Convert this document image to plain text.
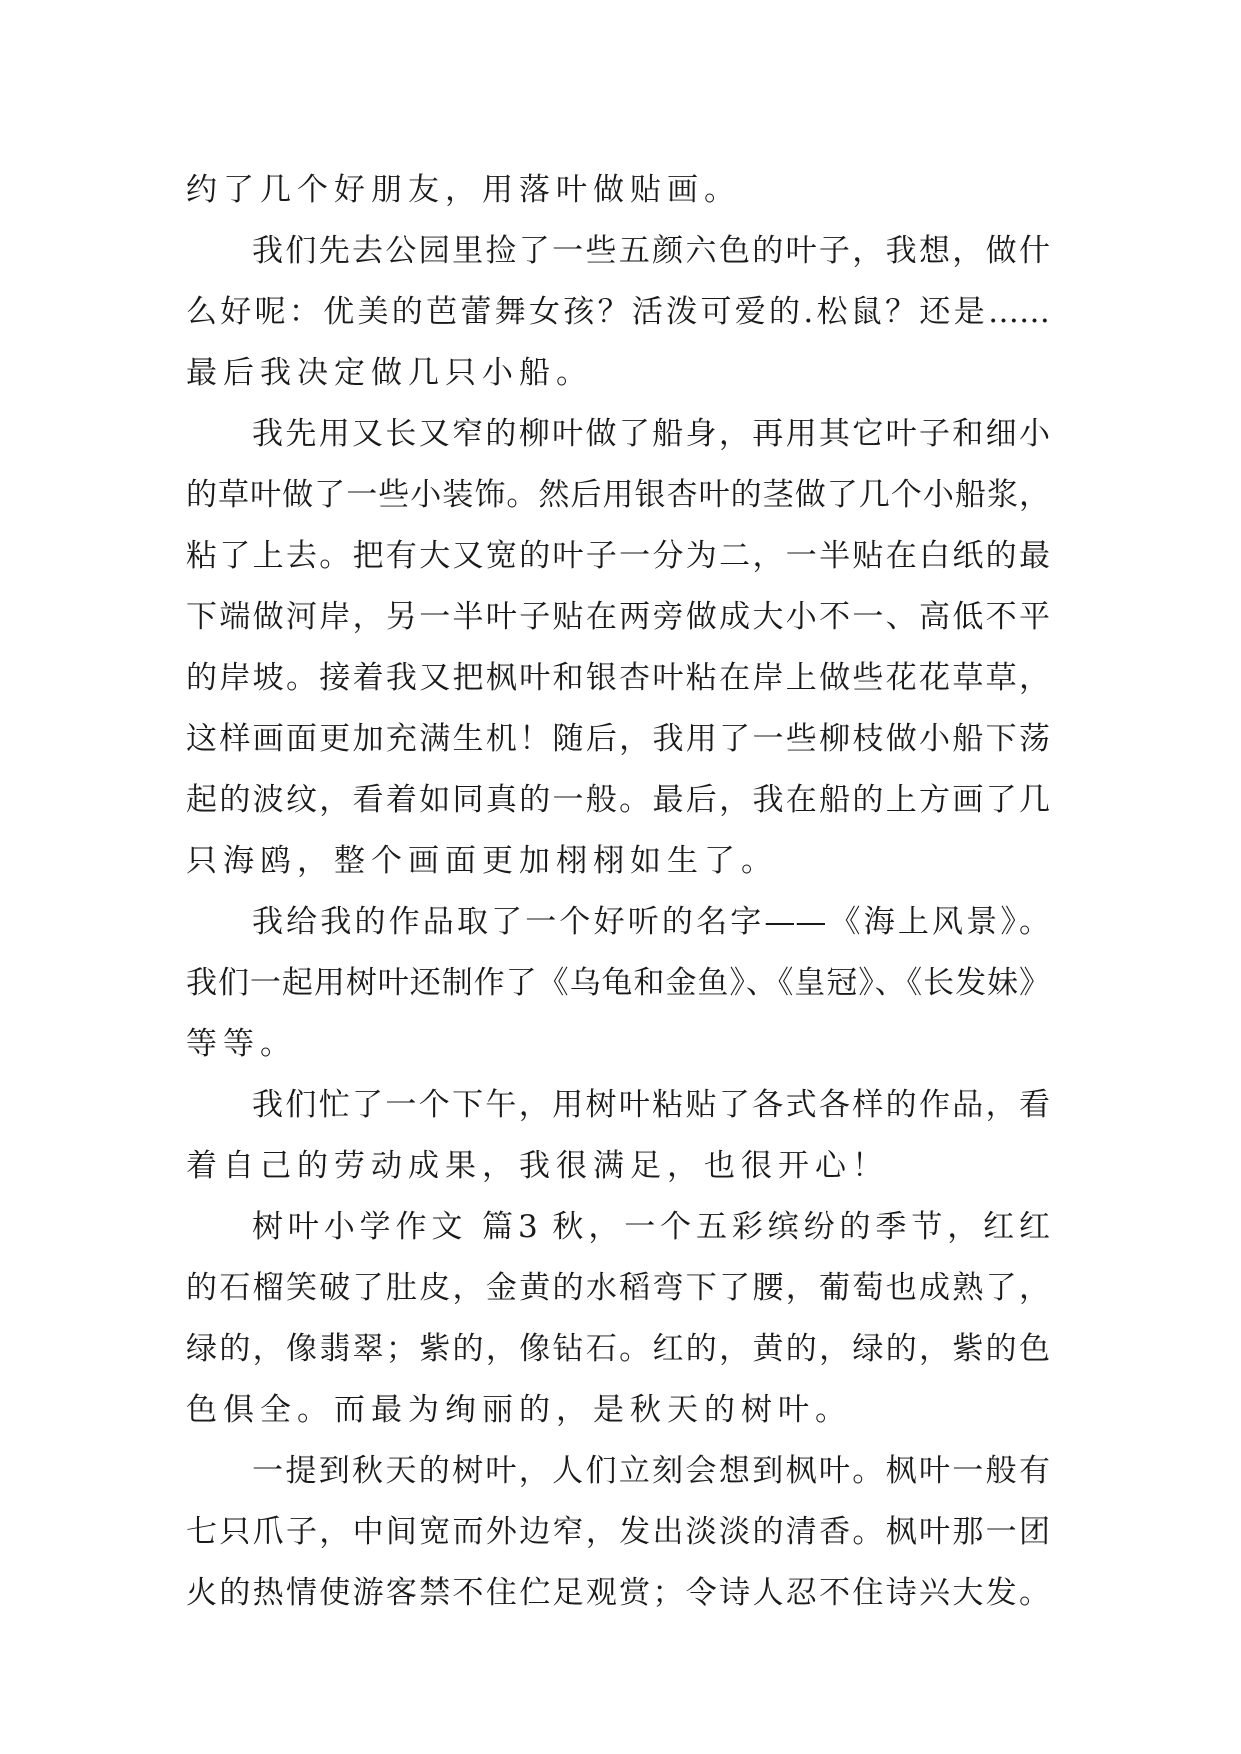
约了几个好朋友，用落叶做贴画。
我们先去公园里捡了一些五颜六色的叶子，我想，做什
么好呢：优美的芭蕾舞女孩？活泼可爱的.松鼠？还是……
最后我决定做几只小船。
我先用又长又窄的柳叶做了船身，再用其它叶子和细小
的草叶做了一些小装饰。然后用银杏叶的茎做了几个小船浆，
粘了上去。把有大又宽的叶子一分为二，一半贴在白纸的最
下端做河岸，另一半叶子贴在两旁做成大小不一、高低不平
的岸坡。接着我又把枫叶和银杏叶粘在岸上做些花花草草，
这样画面更加充满生机！随后，我用了一些柳枝做小船下荡
起的波纹，看着如同真的一般。最后，我在船的上方画了几
只海鸥，整个画面更加栩栩如生了。
我给我的作品取了一个好听的名字——《海上风景》。
我们一起用树叶还制作了《乌龟和金鱼》、《皇冠》、《长发妹》
等等。
我们忙了一个下午，用树叶粘贴了各式各样的作品，看
着自己的劳动成果，我很满足，也很开心！
树叶小学作文 篇3 秋，一个五彩缤纷的季节，红红
的石榴笑破了肚皮，金黄的水稻弯下了腰，葡萄也成熟了，
绿的，像翡翠；紫的，像钻石。红的，黄的，绿的，紫的色
色俱全。而最为绚丽的，是秋天的树叶。
一提到秋天的树叶，人们立刻会想到枫叶。枫叶一般有
七只爪子，中间宽而外边窄，发出淡淡的清香。枫叶那一团
火的热情使游客禁不住伫足观赏；令诗人忍不住诗兴大发。
